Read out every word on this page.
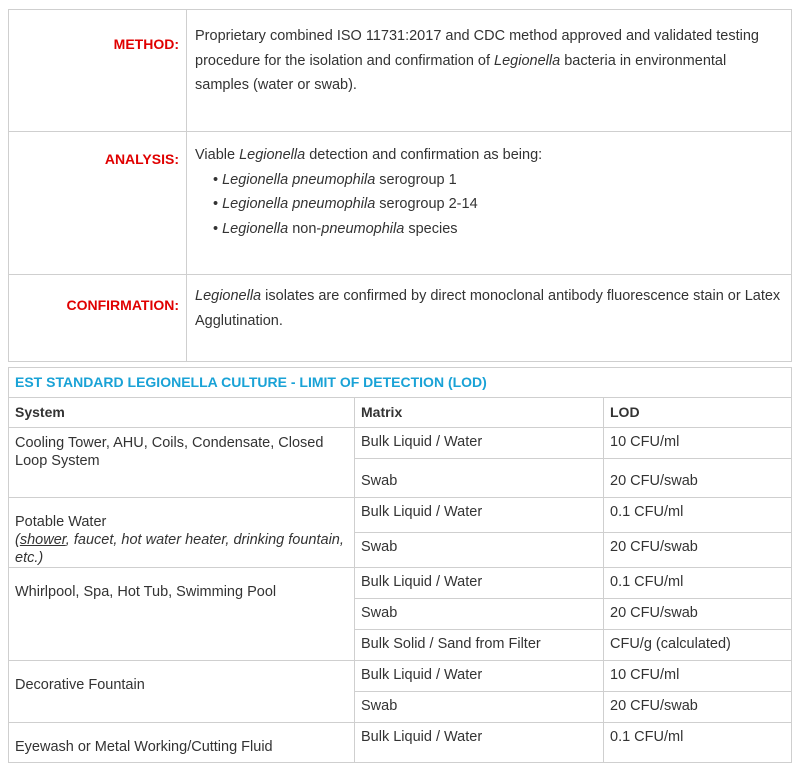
METHOD:	Proprietary combined ISO 11731:2017 and CDC method approved and validated testing procedure for the isolation and confirmation of Legionella bacteria in environmental samples (water or swab).
ANALYSIS:	Viable Legionella detection and confirmation as being:
• Legionella pneumophila serogroup 1
• Legionella pneumophila serogroup 2-14
• Legionella non-pneumophila species

CONFIRMATION:	Legionella isolates are confirmed by direct monoclonal antibody fluorescence stain or Latex Agglutination.
EST STANDARD LEGIONELLA CULTURE - LIMIT OF DETECTION (LOD)		
System	Matrix	LOD
Cooling Tower, AHU, Coils, Condensate, Closed Loop System	Bulk Liquid / Water	10 CFU/ml
	Swab	20 CFU/swab
Potable Water
(shower, faucet, hot water heater, drinking fountain, etc.)	Bulk Liquid / Water	0.1 CFU/ml
	Swab	20 CFU/swab
Whirlpool, Spa, Hot Tub, Swimming Pool	Bulk Liquid / Water	0.1 CFU/ml
	Swab	20 CFU/swab
	Bulk Solid / Sand from Filter	CFU/g (calculated)
Decorative Fountain	Bulk Liquid / Water	10 CFU/ml
	Swab	20 CFU/swab
Eyewash or Metal Working/Cutting Fluid	Bulk Liquid / Water	0.1 CFU/ml
